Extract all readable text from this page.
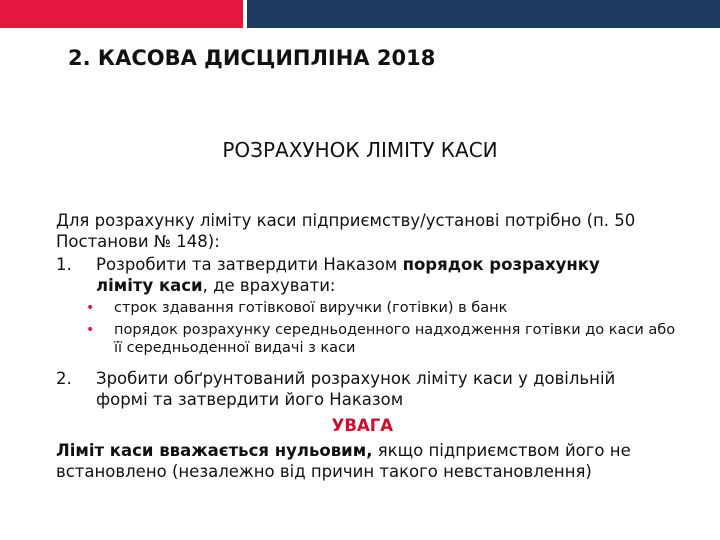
2. КАСОВА ДИСЦИПЛІНА 2018
РОЗРАХУНОК ЛІМІТУ КАСИ
Для розрахунку ліміту каси підприємству/установі потрібно (п. 50 Постанови № 148):
1. Розробити та затвердити Наказом порядок розрахунку ліміту каси, де врахувати:
• строк здавання готівкової виручки (готівки) в банк
• порядок розрахунку середньоденного надходження готівки до каси або її середньоденної видачі з каси
2. Зробити обґрунтований розрахунок ліміту каси у довільній формі та затвердити його Наказом
УВАГА
Ліміт каси вважається нульовим, якщо підприємством його не встановлено (незалежно від причин такого невстановлення)
